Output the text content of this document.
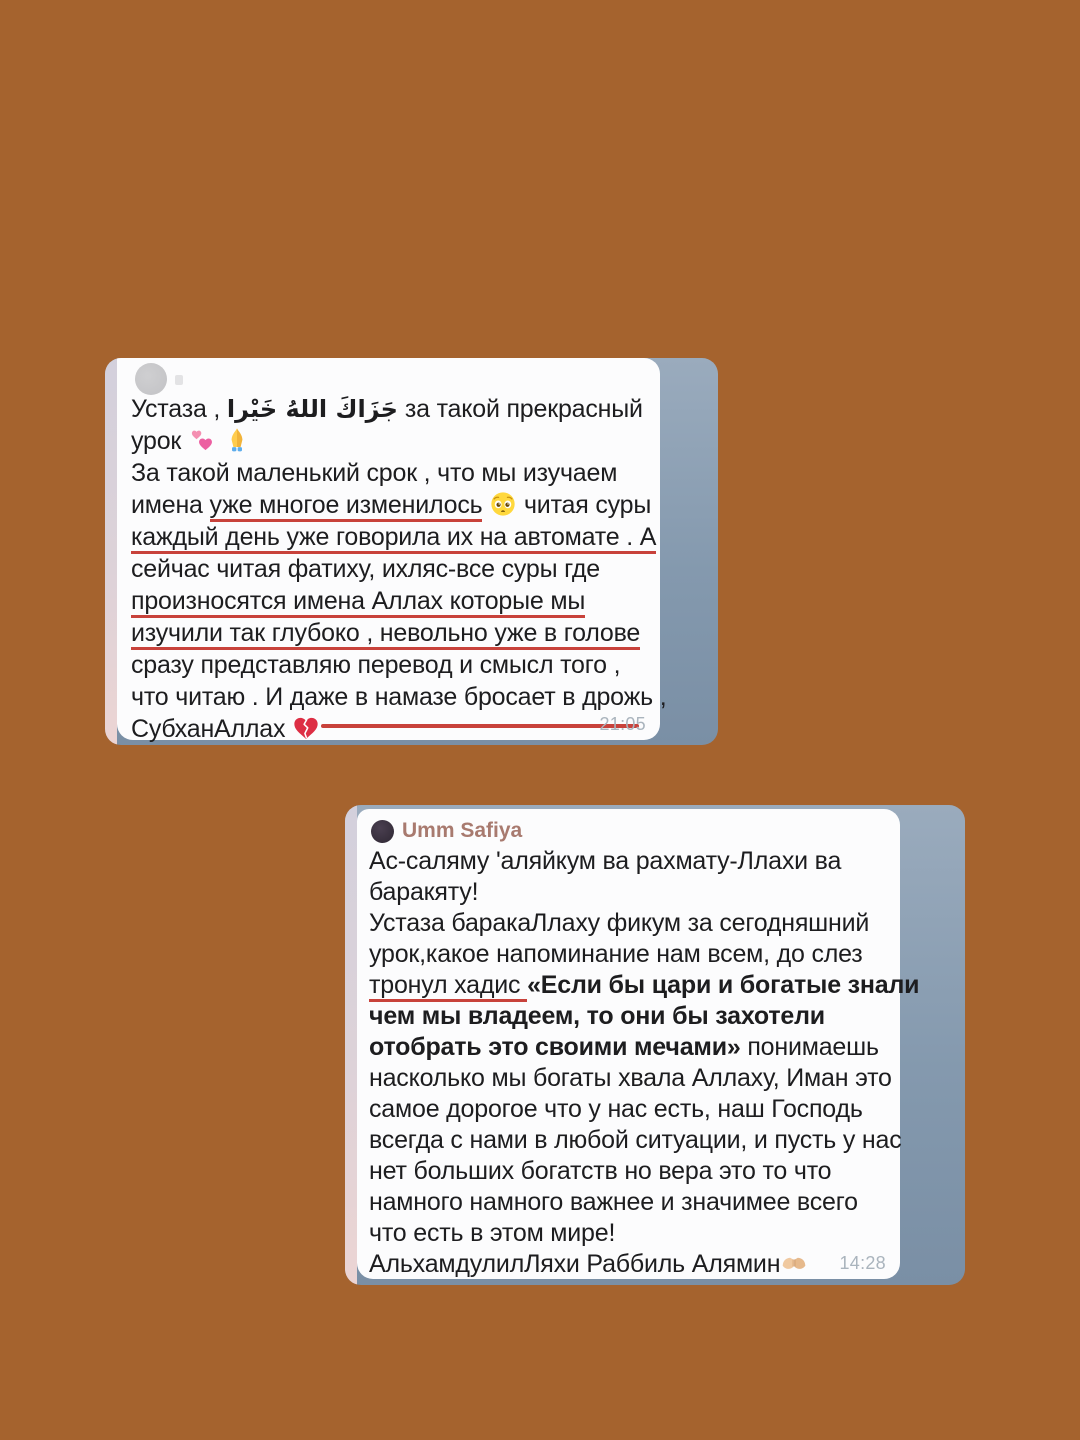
Устаза , جَزَاكَ اللهُ خَيْرا за такой прекрасный
урок
За такой маленький срок , что мы изучаем
имена уже многое изменилось  читая суры
каждый день уже говорила их на автомате . А
сейчас читая фатиху, ихляс-все суры где
произносятся имена Аллах которые мы
изучили так глубоко , невольно уже в голове
сразу представляю перевод и смысл того ,
что читаю . И даже в намазе бросает в дрожь ,
СубханАллах	21:05
Umm Safiya
Ас-саляму 'аляйкум ва рахмату-Ллахи ва
баракяту!
Устаза баракаЛлаху фикум за сегодняшний
урок,какое напоминание нам всем, до слез
тронул хадис «Если бы цари и богатые знали
чем мы владеем, то они бы захотели
отобрать это своими мечами» понимаешь
насколько мы богаты хвала Аллаху, Иман это
самое дорогое что у нас есть, наш Господь
всегда с нами в любой ситуации, и пусть у нас
нет больших богатств но вера это то что
намного намного важнее и значимее всего
что есть в этом мире!
АльхамдулилЛяхи Раббиль Алямин	14:28
